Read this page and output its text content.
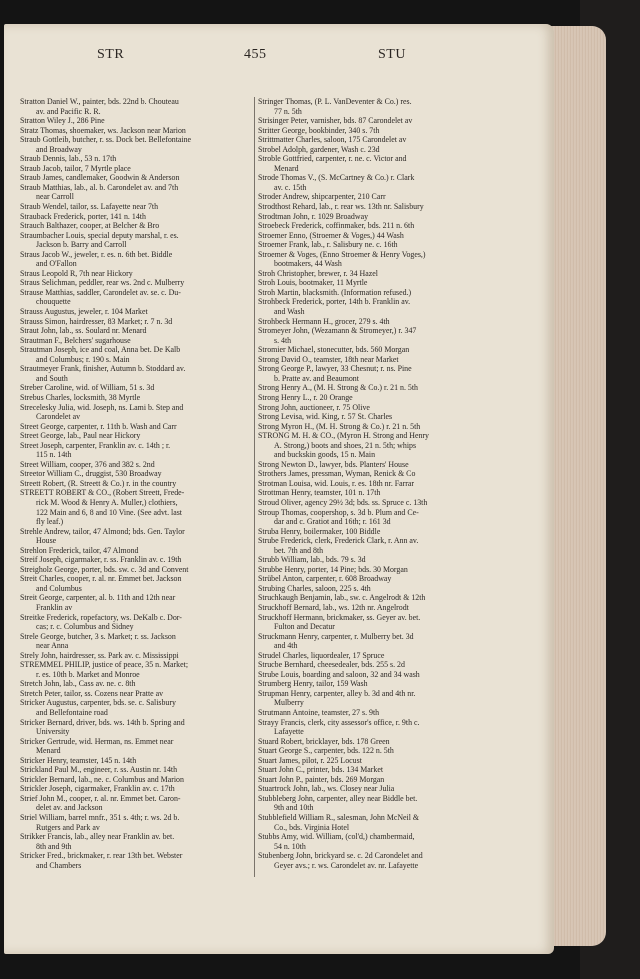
STR	455	STU
Stratton Daniel W., painter, bds. 22nd b. Chouteau
av. and Pacific R. R.
Stratton Wiley J., 286 Pine
Stratz Thomas, shoemaker, ws. Jackson near Marion
Straub Gottleib, butcher, r. ss. Dock bet. Bellefontaine
and Broadway
Straub Dennis, lab., 53 n. 17th
Straub Jacob, tailor, 7 Myrtle place
Straub James, candlemaker, Goodwin & Anderson
Straub Matthias, lab., al. b. Carondelet av. and 7th
near Carroll
Straub Wendel, tailor, ss. Lafayette near 7th
Strauback Frederick, porter, 141 n. 14th
Strauch Balthazer, cooper, at Belcher & Bro
Straumbacher Louis, special deputy marshal, r. es.
Jackson b. Barry and Carroll
Straus Jacob W., jeweler, r. es. n. 6th bet. Biddle
and O'Fallon
Straus Leopold R, 7th near Hickory
Straus Selichman, peddler, rear ws. 2nd c. Mulberry
Strause Matthias, saddler, Carondelet av. se. c. Du-
chouquette
Strauss Augustus, jeweler, r. 104 Market
Strauss Simon, hairdresser, 83 Market; r. 7 n. 3d
Straut John, lab., ss. Soulard nr. Menard
Strautman F., Belchers' sugarhouse
Strautman Joseph, ice and coal, Anna bet. De Kalb
and Columbus; r. 190 s. Main
Strautmeyer Frank, finisher, Autumn b. Stoddard av.
and South
Streber Caroline, wid. of William, 51 s. 3d
Strebus Charles, locksmith, 38 Myrtle
Strecelesky Julia, wid. Joseph, ns. Lami b. Step and
Carondelet av
Street George, carpenter, r. 11th b. Wash and Carr
Street George, lab., Paul near Hickory
Street Joseph, carpenter, Franklin av. c. 14th ; r.
115 n. 14th
Street William, cooper, 376 and 382 s. 2nd
Streetor William C., druggist, 530 Broadway
Streett Robert, (R. Streett & Co.) r. in the country
STREETT ROBERT & CO., (Robert Streett, Frede-
rick M. Wood & Henry A. Muller,) clothiers,
122 Main and 6, 8 and 10 Vine. (See advt. last
fly leaf.)
Strehle Andrew, tailor, 47 Almond; bds. Gen. Taylor
House
Strehlon Frederick, tailor, 47 Almond
Streif Joseph, cigarmaker, r. ss. Franklin av. c. 19th
Streigholz George, porter, bds. sw. c. 3d and Convent
Streit Charles, cooper, r. al. nr. Emmet bet. Jackson
and Columbus
Streit George, carpenter, al. b. 11th and 12th near
Franklin av
Streitke Frederick, ropefactory, ws. DeKalb c. Dor-
cas; r. c. Columbus and Sidney
Strele George, butcher, 3 s. Market; r. ss. Jackson
near Anna
Strely John, hairdresser, ss. Park av. c. Mississippi
STREMMEL PHILIP, justice of peace, 35 n. Market;
r. es. 10th b. Market and Monroe
Stretch John, lab., Cass av. ne. c. 8th
Stretch Peter, tailor, ss. Cozens near Pratte av
Stricker Augustus, carpenter, bds. se. c. Salisbury
and Bellefontaine road
Stricker Bernard, driver, bds. ws. 14th b. Spring and
University
Stricker Gertrude, wid. Herman, ns. Emmet near
Menard
Stricker Henry, teamster, 145 n. 14th
Strickland Paul M., engineer, r. ss. Austin nr. 14th
Strickler Bernard, lab., ne. c. Columbus and Marion
Strickler Joseph, cigarmaker, Franklin av. c. 17th
Strief John M., cooper, r. al. nr. Emmet bet. Caron-
delet av. and Jackson
Striel William, barrel mnfr., 351 s. 4th; r. ws. 2d b.
Rutgers and Park av
Strikker Francis, lab., alley near Franklin av. bet.
8th and 9th
Stricker Fred., brickmaker, r. rear 13th bet. Webster
and Chambers
Stringer Thomas, (P. L. VanDeventer & Co.) res.
77 n. 5th
Strisinger Peter, varnisher, bds. 87 Carondelet av
Stritter George, bookbinder, 340 s. 7th
Strittmatter Charles, saloon, 175 Carondelet av
Strobel Adolph, gardener, Wash c. 23d
Stroble Gottfried, carpenter, r. ne. c. Victor and
Menard
Strode Thomas V., (S. McCartney & Co.) r. Clark
av. c. 15th
Stroder Andrew, shipcarpenter, 210 Carr
Strodthost Rehard, lab., r. rear ws. 13th nr. Salisbury
Strodtman John, r. 1029 Broadway
Stroebeck Frederick, coffinmaker, bds. 211 n. 6th
Stroemer Enno, (Stroemer & Voges,) 44 Wash
Stroemer Frank, lab., r. Salisbury ne. c. 16th
Stroemer & Voges, (Enno Stroemer & Henry Voges,)
bootmakers, 44 Wash
Stroh Christopher, brewer, r. 34 Hazel
Stroh Louis, bootmaker, 11 Myrtle
Stroh Martin, blacksmith. (Information refused.)
Strohbeck Frederick, porter, 14th b. Franklin av.
and Wash
Strohbeck Hermann H., grocer, 279 s. 4th
Stromeyer John, (Wezamann & Stromeyer,) r. 347
s. 4th
Stromier Michael, stonecutter, bds. 560 Morgan
Strong David O., teamster, 18th near Market
Strong George P., lawyer, 33 Chesnut; r. ns. Pine
b. Pratte av. and Beaumont
Strong Henry A., (M. H. Strong & Co.) r. 21 n. 5th
Strong Henry L., r. 20 Orange
Strong John, auctioneer, r. 75 Olive
Strong Levisa, wid. King, r. 57 St. Charles
Strong Myron H., (M. H. Strong & Co.) r. 21 n. 5th
STRONG M. H. & CO., (Myron H. Strong and Henry
A. Strong,) boots and shoes, 21 n. 5th; whips
and buckskin goods, 15 n. Main
Strong Newton D., lawyer, bds. Planters' House
Strothers James, pressman, Wyman, Renick & Co
Strotman Louisa, wid. Louis, r. es. 18th nr. Farrar
Strottman Henry, teamster, 101 n. 17th
Stroud Oliver, agency 29½ 3d; bds. ss. Spruce c. 13th
Stroup Thomas, coopershop, s. 3d b. Plum and Ce-
dar and c. Gratiot and 16th; r. 161 3d
Struba Henry, boilermaker, 100 Biddle
Strube Frederick, clerk, Frederick Clark, r. Ann av.
bet. 7th and 8th
Strubb William, lab., bds. 79 s. 3d
Strubbe Henry, porter, 14 Pine; bds. 30 Morgan
Strübel Anton, carpenter, r. 608 Broadway
Strubing Charles, saloon, 225 s. 4th
Struchkaugh Benjamin, lab., sw. c. Angelrodt & 12th
Struckhoff Bernard, lab., ws. 12th nr. Angelrodt
Struckhoff Hermann, brickmaker, ss. Geyer av. bet.
Fulton and Decatur
Struckmann Henry, carpenter, r. Mulberry bet. 3d
and 4th
Strudel Charles, liquordealer, 17 Spruce
Strucbe Bernhard, cheesedealer, bds. 255 s. 2d
Strube Louis, boarding and saloon, 32 and 34 wash
Strumberg Henry, tailor, 159 Wash
Strupman Henry, carpenter, alley b. 3d and 4th nr.
Mulberry
Strutmann Antoine, teamster, 27 s. 9th
Strayy Francis, clerk, city assessor's office, r. 9th c.
Lafayette
Stuard Robert, bricklayer, bds. 178 Green
Stuart George S., carpenter, bds. 122 n. 5th
Stuart James, pilot, r. 225 Locust
Stuart John C., printer, bds. 134 Market
Stuart John P., painter, bds. 269 Morgan
Stuartrock John, lab., ws. Closey near Julia
Stubbleberg John, carpenter, alley near Biddle bet.
9th and 10th
Stubblefield William R., salesman, John McNeil &
Co., bds. Virginia Hotel
Stubbs Amy, wid. William, (col'd,) chambermaid,
54 n. 10th
Stubenberg John, brickyard se. c. 2d Carondelet and
Geyer avs.; r. ws. Carondelet av. nr. Lafayette
